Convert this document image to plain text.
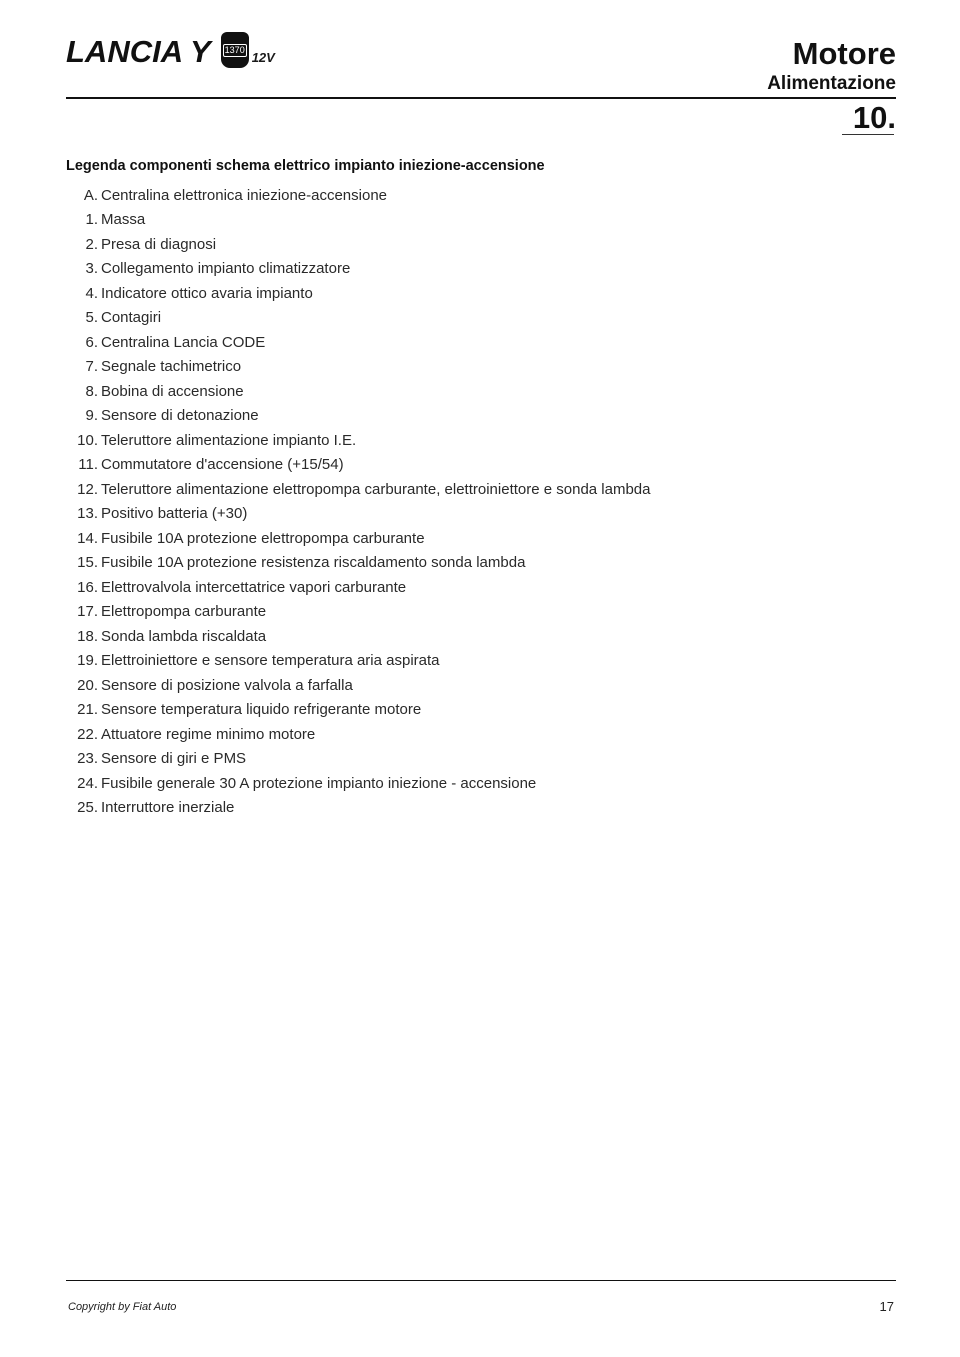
LANCIA Y 1370 12V	Motore
Alimentazione
10.
Legenda componenti schema elettrico impianto iniezione-accensione
A. Centralina elettronica iniezione-accensione
1. Massa
2. Presa di diagnosi
3. Collegamento impianto climatizzatore
4. Indicatore ottico avaria impianto
5. Contagiri
6. Centralina Lancia CODE
7. Segnale tachimetrico
8. Bobina di accensione
9. Sensore di detonazione
10. Teleruttore alimentazione impianto I.E.
11. Commutatore d'accensione (+15/54)
12. Teleruttore alimentazione elettropompa carburante, elettroiniettore e sonda lambda
13. Positivo batteria (+30)
14. Fusibile 10A protezione elettropompa carburante
15. Fusibile 10A protezione resistenza riscaldamento sonda lambda
16. Elettrovalvola intercettatrice vapori carburante
17. Elettropompa carburante
18. Sonda lambda riscaldata
19. Elettroiniettore e sensore temperatura aria aspirata
20. Sensore di posizione valvola a farfalla
21. Sensore temperatura liquido refrigerante motore
22. Attuatore regime minimo motore
23. Sensore di giri e PMS
24. Fusibile generale 30 A protezione impianto iniezione - accensione
25. Interruttore inerziale
Copyright by Fiat Auto	17
